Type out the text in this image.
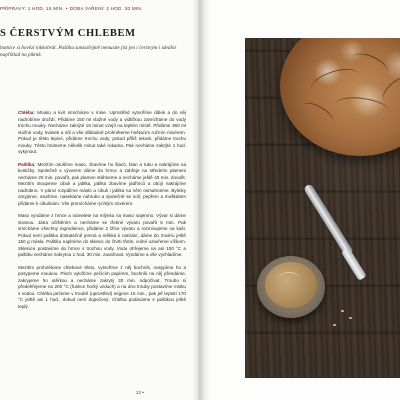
PŘÍPRAVY: 1 HOD. 15 MIN. • DOBA VAŘENÍ: 2 HOD. 30 MIN.
S ČERSTVÝM CHLEBEM
batnice si bovězí nikkobrát. Paštiku samozřejmě nemusíte jíst jen i čerstvým i ideální například na piknik.

Chléba: Mouku a kvít smícháme v míse. Uprostřed vytvoříme důlek a do něj nadrobíme droždí. Přidáme 150 ml vlažné vody a vidličkou zamícháme do vody trochu mouky. Necháme zakrýté 15 minut vzejít na teplém místě. Přidáme 350 ml vlažné vody, kvásek a sůl a vše důkladně prohněteme hnětacím ručním mixérem. Pokud je těsto lepivé, přidáme trochu vody, pokud příliš tekuté, přidáme trochu mouky. Těsto hnitneme několik minut také rukama. Pak necháme zakrýté 1 hod. vykynout.

Paštika: Mezitím osušíme maso, zbavíme ho šlach, blan a tuku a nakrájíme na kostičky. Společně s vývarem dáme do hrnce a zahřeje na středním plameni necháme 20 min. povařit, pak plamen stáhneme a necháme ještě 40 min. dovařit. Mezitím oloupeme cibuli a jablka, jablka zbavíme jádřinců a obojí nakrájíme nadrobno. V pánvi rozpálíme máslo a cibuli i jablka na něm osmahneme. Bylinky omyjeme, osušíme, nasekáme nahrubo a společně se solí, pepřem a muškátem přidáme k cibulinám. Vše promícháme rychlým mixérem.

Maso vyndáme z hrnce a namelete na mlýnku na maso najemno. Vývar si dáme stranou. Játra očištěním a necháme se třetiné vývaru povařit 5 min. Pak smícháme všechny ingredience, přidáme 2 lžíce vývaru a rozmixujeme na kaši. Pokud není paštika dostatečně jemná a měkká k natírání, dáme do mixéru ještě 150 g másla. Paštiku naplníme do sklenic do čtvrti třetin, volné uzavřeme víčkem. Sklenice postavíme do hrnce s trochou vody. Vodu ohřejeme na asi 100 °C a paštiku necháme zakrytou 1 hod. 30 min. zavařovat. Vyndáme a vše vychladíme.

Mezitím prohněteme chlebové těsto, vytvoříme z něj bochník, nasypíme ho a posypeme moukou. Plech vyložíme pečícím papírem, bochník na něj přendáme, zakryjeme ho utěrkou a necháme zakrytý 30 min. odpočívat. Troubu si předehřejeme na 200 °C (funkce horký vzduch) a na dno trouby postavíme misku s vodou. Chléba pečeme v troubě (uprostřed) nejprve 15 min., pak jeř teplotí 170 °C ještě asi 1 hod., dokud není dopečený. Chléba podáváme s paštikou ještě teplý.

23 •
